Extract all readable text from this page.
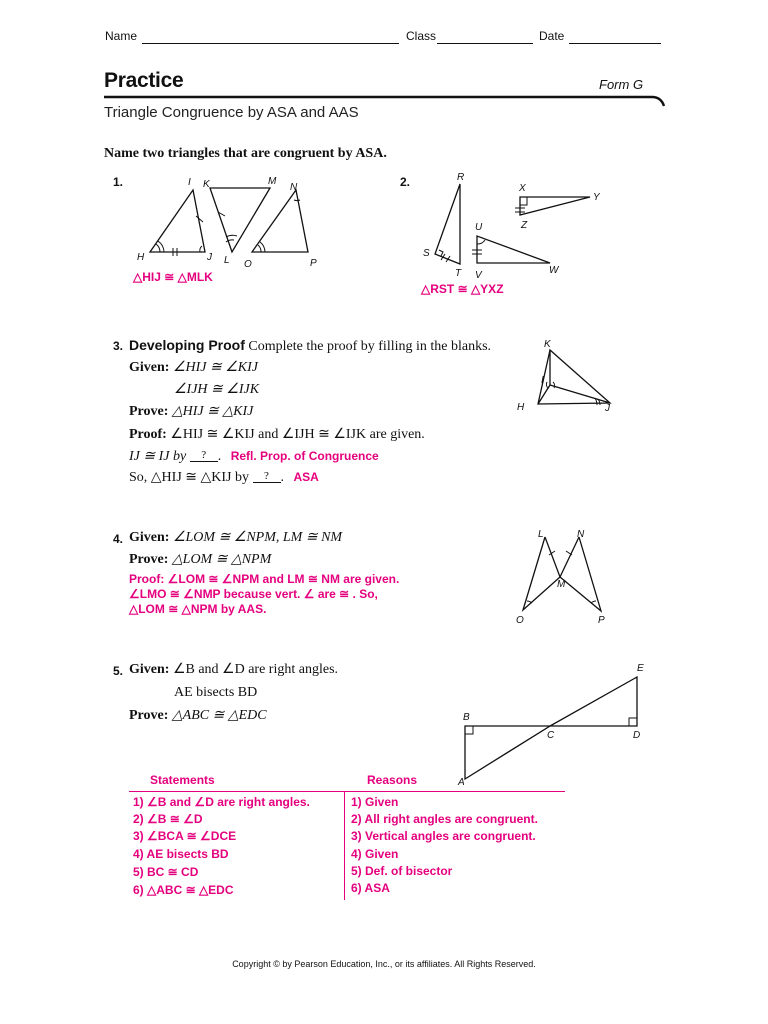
Name	Class	Date
Practice	Form G
Triangle Congruence by ASA and AAS
Name two triangles that are congruent by ASA.
1.	I K	M
N
H	J L O	P
△HIJ ≅ △MLK
2.	R
X
Y
Z
U
S
T V	W
△RST ≅ △YXZ
3. Developing Proof Complete the proof by filling in the blanks.
Given: ∠HIJ ≅ ∠KIJ
∠IJH ≅ ∠IJK
Prove: △HIJ ≅ △KIJ
Proof: ∠HIJ ≅ ∠KIJ and ∠IJH ≅ ∠IJK are given.
IJ ≅ IJ by ? . Refl. Prop. of Congruence
So, △HIJ ≅ △KIJ by ? . ASA
K
I
H	J
4. Given: ∠LOM ≅ ∠NPM, LM ≅ NM
Prove: △LOM ≅ △NPM
Proof: ∠LOM ≅ ∠NPM and LM ≅ NM are given.
∠LMO ≅ ∠NMP because vert. ∠ are ≅ . So,
△LOM ≅ △NPM by AAS.
L	N
M
O	P
5. Given: ∠B and ∠D are right angles.
AE bisects BD
Prove: △ABC ≅ △EDC	B
C	D
A
E
Statements	Reasons
1) ∠B and ∠D are right angles.	1) Given
2) ∠B ≅ ∠D	2) All right angles are congruent.
3) ∠BCA ≅ ∠DCE	3) Vertical angles are congruent.
4) AE bisects BD	4) Given
5) BC ≅ CD	5) Def. of bisector
6) △ABC ≅ △EDC	6) ASA
Copyright © by Pearson Education, Inc., or its affiliates. All Rights Reserved.
